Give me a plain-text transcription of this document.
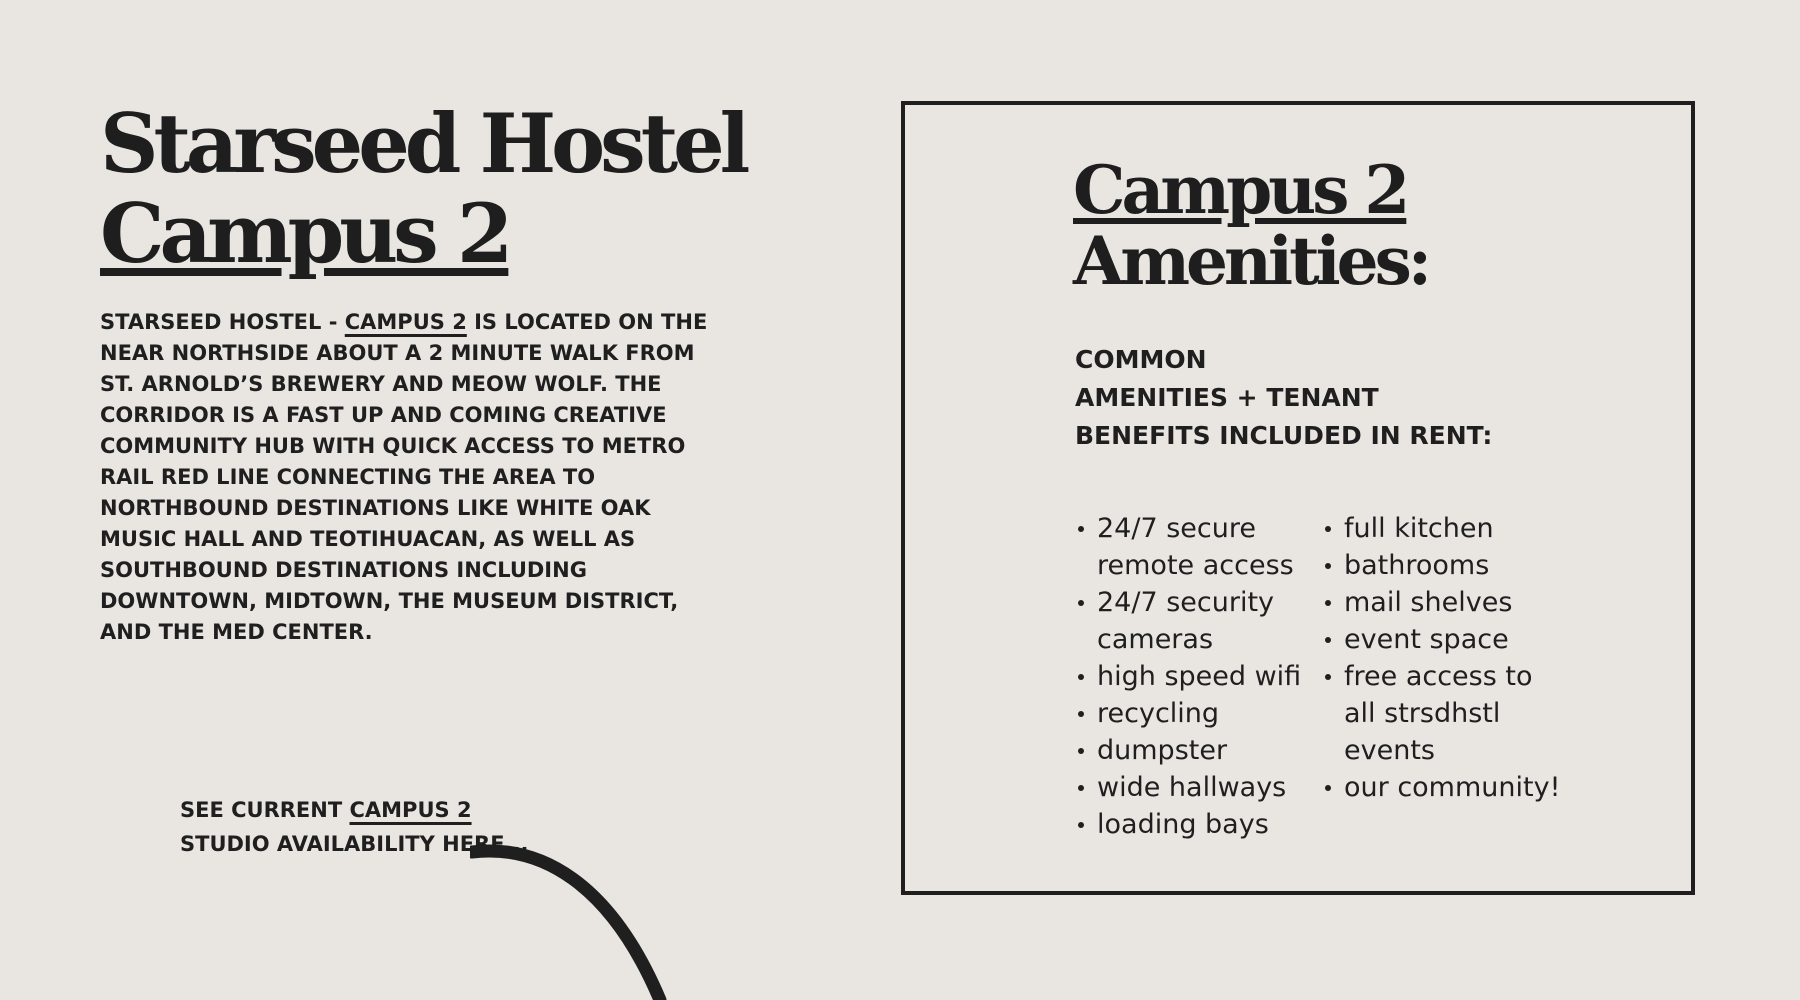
Starseed Hostel
Campus 2

STARSEED HOSTEL - CAMPUS 2 IS LOCATED ON THE NEAR NORTHSIDE ABOUT A 2 MINUTE WALK FROM ST. ARNOLD’S BREWERY AND MEOW WOLF. THE CORRIDOR IS A FAST UP AND COMING CREATIVE COMMUNITY HUB WITH QUICK ACCESS TO METRO RAIL RED LINE CONNECTING THE AREA TO NORTHBOUND DESTINATIONS LIKE WHITE OAK MUSIC HALL AND TEOTIHUACAN, AS WELL AS SOUTHBOUND DESTINATIONS INCLUDING DOWNTOWN, MIDTOWN, THE MUSEUM DISTRICT, AND THE MED CENTER.

SEE CURRENT CAMPUS 2 STUDIO AVAILABILITY HERE...

Campus 2
Amenities:

COMMON
AMENITIES + TENANT
BENEFITS INCLUDED IN RENT:

24/7 secure remote access
24/7 security cameras
high speed wifi
recycling
dumpster
wide hallways
loading bays
full kitchen
bathrooms
mail shelves
event space
free access to all strsdhstl events
our community!
